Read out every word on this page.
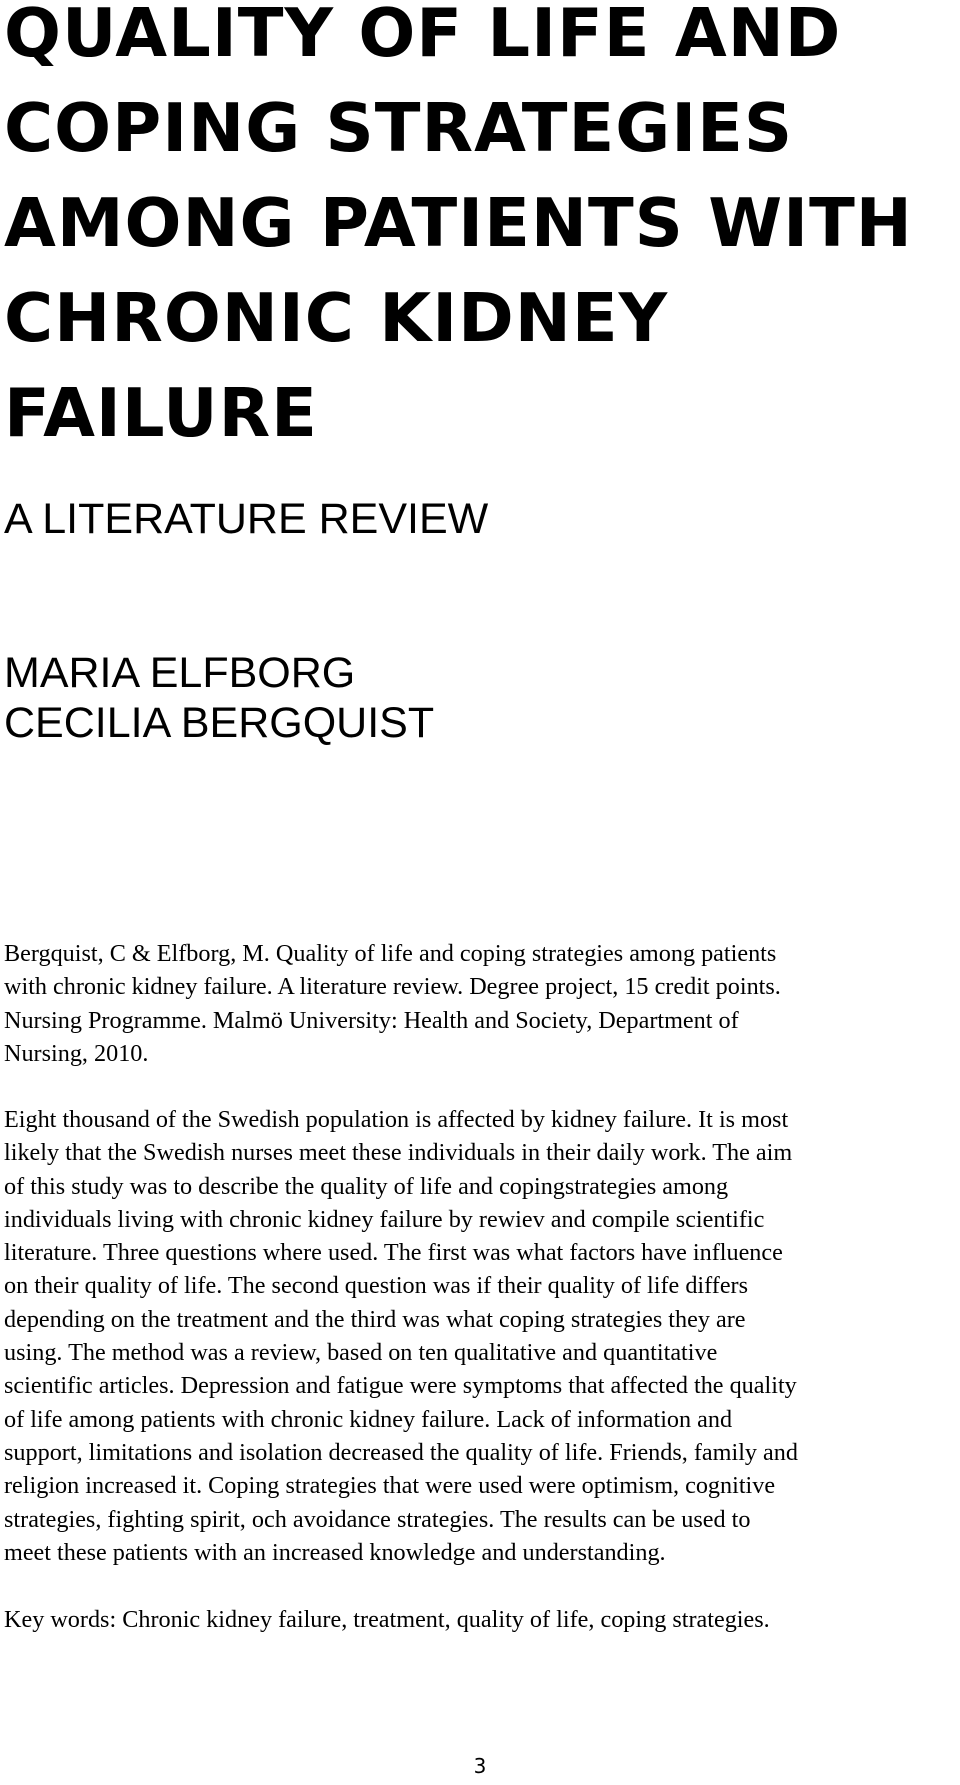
QUALITY OF LIFE AND
COPING STRATEGIES
AMONG PATIENTS WITH
CHRONIC KIDNEY
FAILURE
A LITERATURE REVIEW
MARIA ELFBORG
CECILIA BERGQUIST

Bergquist, C & Elfborg, M. Quality of life and coping strategies among patients
with chronic kidney failure. A literature review. Degree project, 15 credit points.
Nursing Programme. Malmö University: Health and Society, Department of
Nursing, 2010.

Eight thousand of the Swedish population is affected by kidney failure. It is most
likely that the Swedish nurses meet these individuals in their daily work. The aim
of this study was to describe the quality of life and copingstrategies among
individuals living with chronic kidney failure by rewiev and compile scientific
literature. Three questions where used. The first was what factors have influence
on their quality of life. The second question was if their quality of life differs
depending on the treatment and the third was what coping strategies they are
using. The method was a review, based on ten qualitative and quantitative
scientific articles. Depression and fatigue were symptoms that affected the quality
of life among patients with chronic kidney failure. Lack of information and
support, limitations and isolation decreased the quality of life. Friends, family and
religion increased it. Coping strategies that were used were optimism, cognitive
strategies, fighting spirit, och avoidance strategies. The results can be used to
meet these patients with an increased knowledge and understanding.

Key words: Chronic kidney failure, treatment, quality of life, coping strategies.

3
